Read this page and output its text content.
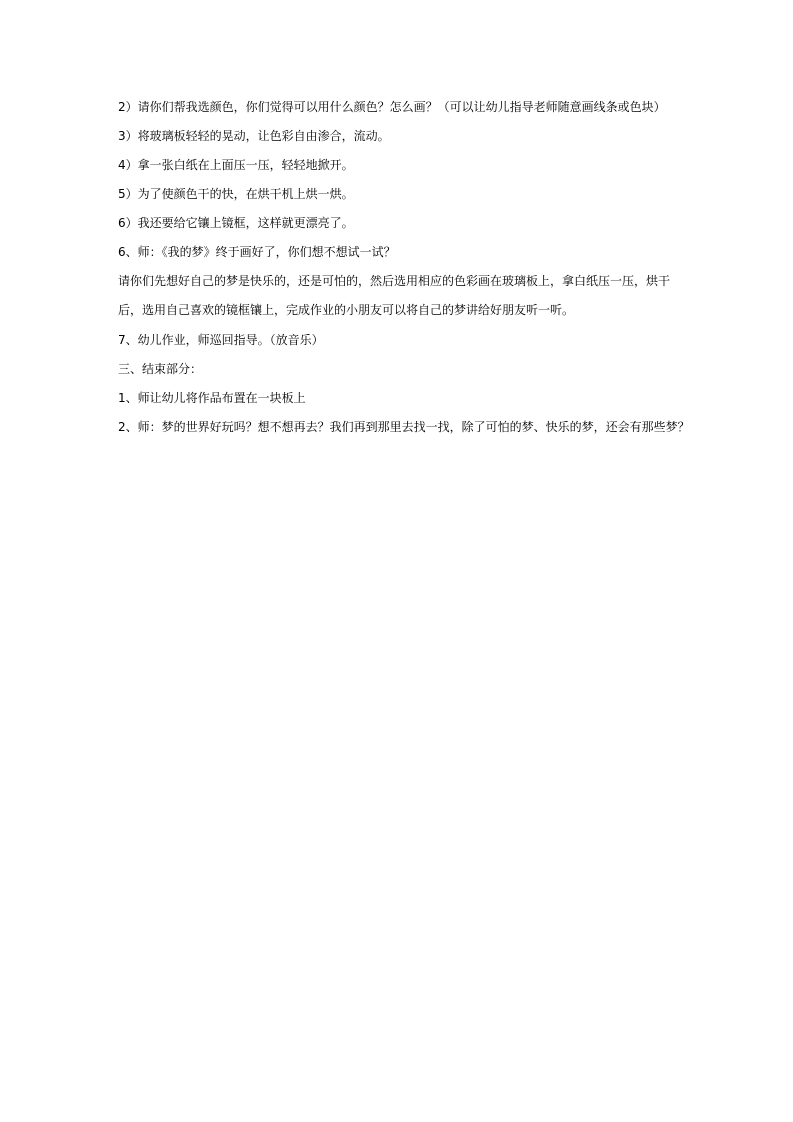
2）请你们帮我选颜色，你们觉得可以用什么颜色？怎么画？（可以让幼儿指导老师随意画线条或色块）

3）将玻璃板轻轻的晃动，让色彩自由渗合，流动。

4）拿一张白纸在上面压一压，轻轻地掀开。

5）为了使颜色干的快，在烘干机上烘一烘。

6）我还要给它镶上镜框，这样就更漂亮了。

6、师：《我的梦》终于画好了，你们想不想试一试？

请你们先想好自己的梦是快乐的，还是可怕的，然后选用相应的色彩画在玻璃板上，拿白纸压一压，烘干后，选用自己喜欢的镜框镶上，完成作业的小朋友可以将自己的梦讲给好朋友听一听。

7、幼儿作业，师巡回指导。（放音乐）

三、结束部分：

1、师让幼儿将作品布置在一块板上

2、师：梦的世界好玩吗？想不想再去？我们再到那里去找一找，除了可怕的梦、快乐的梦，还会有那些梦？
